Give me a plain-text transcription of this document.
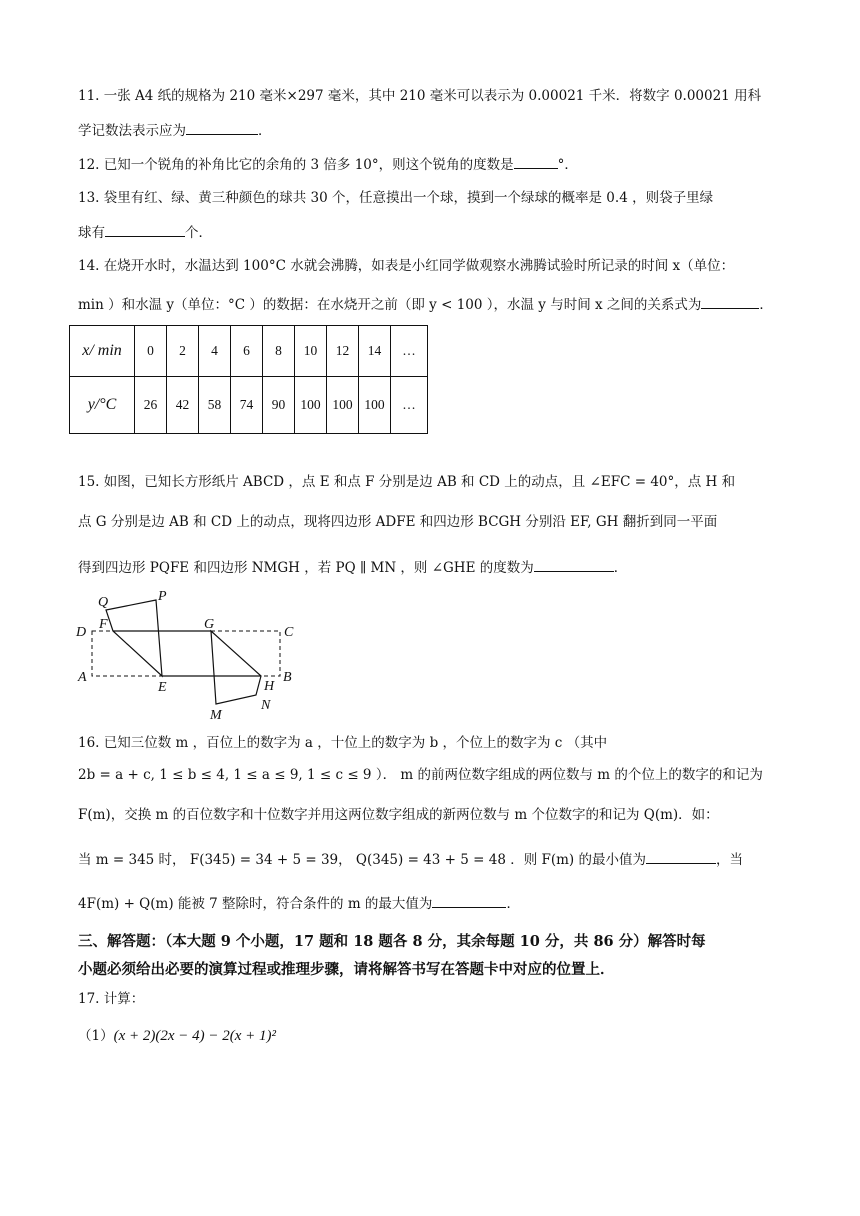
11. 一张 A4 纸的规格为 210 毫米×297 毫米，其中 210 毫米可以表示为 0.00021 千米．将数字 0.00021 用科
学记数法表示应为	．
12. 已知一个锐角的补角比它的余角的 3 倍多 10°，则这个锐角的度数是	°．
13. 袋里有红、绿、黄三种颜色的球共 30 个，任意摸出一个球，摸到一个绿球的概率是 0.4 ，则袋子里绿
球有	个．
14. 在烧开水时，水温达到 100°C 水就会沸腾，如表是小红同学做观察水沸腾试验时所记录的时间 x（单位：
min ）和水温 y（单位：°C ）的数据：在水烧开之前（即 y < 100 ），水温 y 与时间 x 之间的关系式为	．
x/ min	0	2	4	6	8	10	12	14	…
y/°C	26	42	58	74	90	100	100	100	…
15. 如图，已知长方形纸片 ABCD ，点 E 和点 F 分别是边 AB 和 CD 上的动点，且 ∠EFC = 40°，点 H 和
点 G 分别是边 AB 和 CD 上的动点，现将四边形 ADFE 和四边形 BCGH 分别沿 EF, GH 翻折到同一平面
得到四边形 PQFE 和四边形 NMGH ，若 PQ ∥ MN ，则 ∠GHE 的度数为	．
Q	P
D
F	G
C
A
E	H
B
M
N
16. 已知三位数 m ，百位上的数字为 a ，十位上的数字为 b ，个位上的数字为 c （其中
2b = a + c, 1 ≤ b ≤ 4, 1 ≤ a ≤ 9, 1 ≤ c ≤ 9 ）． m 的前两位数字组成的两位数与 m 的个位上的数字的和记为
F(m)，交换 m 的百位数字和十位数字并用这两位数字组成的新两位数与 m 个位数字的和记为 Q(m)．如：
当 m = 345 时， F(345) = 34 + 5 = 39， Q(345) = 43 + 5 = 48 ．则 F(m) 的最小值为	，当
4F(m) + Q(m) 能被 7 整除时，符合条件的 m 的最大值为	．
三、解答题：（本大题 9 个小题，17 题和 18 题各 8 分，其余每题 10 分，共 86 分）解答时每
小题必须给出必要的演算过程或推理步骤，请将解答书写在答题卡中对应的位置上．
17. 计算：
（1）(x + 2)(2x − 4) − 2(x + 1)²
